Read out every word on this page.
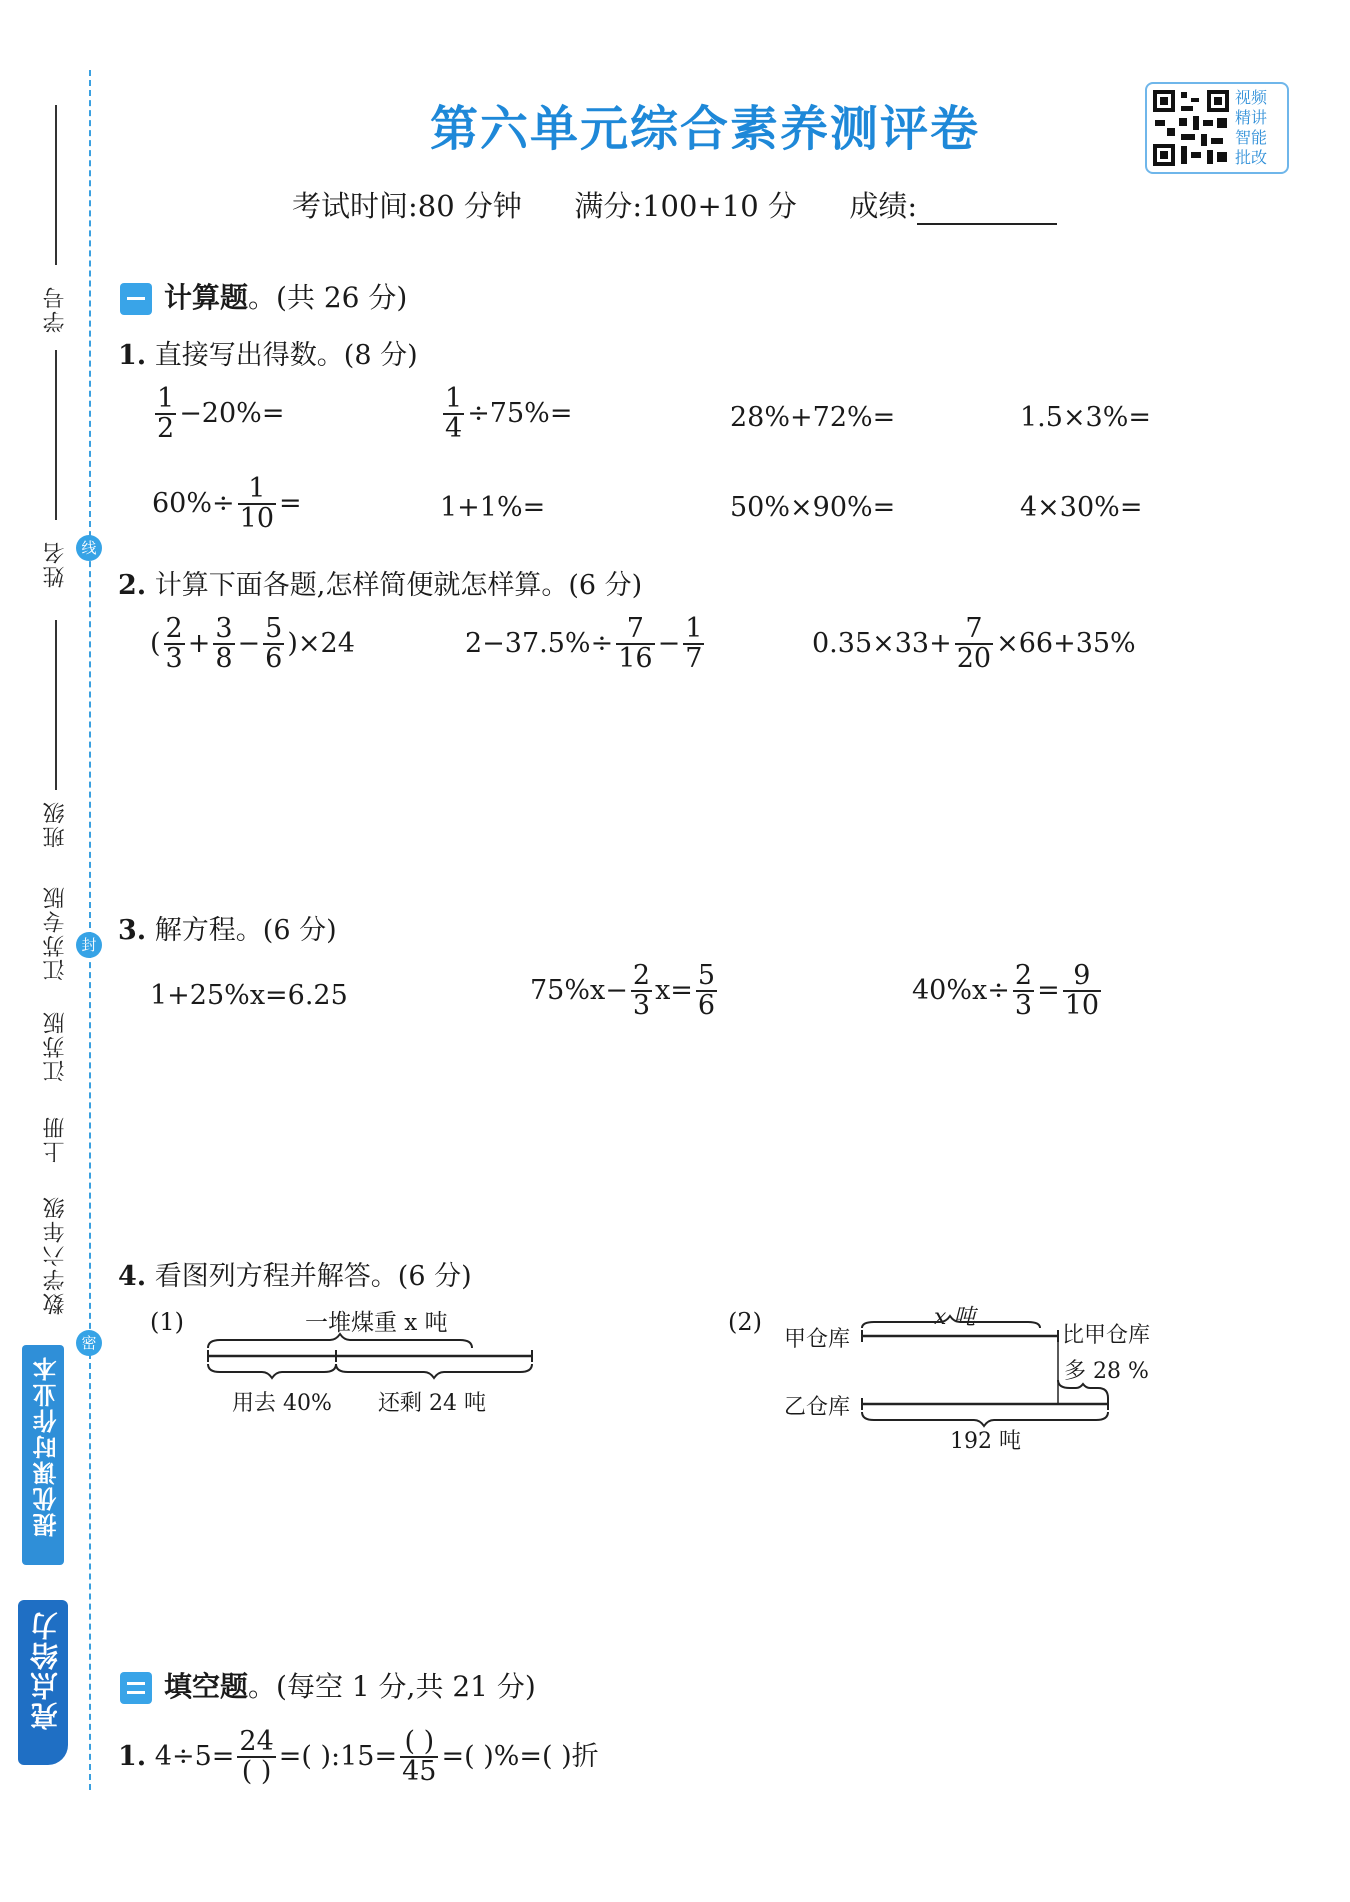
线
封
密
学号
姓名
班级
江苏专版
江苏版
上册
数学六年级
提优课时作业本
亮点给力
第六单元综合素养测评卷
视频
精讲
智能
批改
考试时间:80 分钟 满分:100+10 分 成绩:
计算题。(共 26 分)
1. 直接写出得数。(8 分)
$\frac{1}{2} -20\%=$	$\frac{1}{4} \div 75\%=$	28%+72%=	1.5×3%=
$60\%\div \frac{1}{10}$ =	1+1%=	50%×90%=	4×30%=
2. 计算下面各题,怎样简便就怎样算。(6 分)
( $\frac{2}{3} + \frac{3}{8} - \frac{5}{6} )\times 24$	$2-37.5\%\div \frac{7}{16} - \frac{1}{7}$	$0.35\times 33+ \frac{7}{20} \times 66+35\%$
3. 解方程。(6 分)
1+25%x=6.25	$75\%x- \frac{2}{3} x= \frac{5}{6}$	$40\%x\div \frac{2}{3} = \frac{9}{10}$
4. 看图列方程并解答。(6 分)
(1)	一堆煤重 x 吨
用去 40% 还剩 24 吨
(2)
甲仓库
x 吨
比甲仓库
多 28 %
乙仓库
192 吨
填空题。(每空 1 分,共 21 分)
1. $4\div 5= \frac{24}{( )}$ =( ):15= $\frac{( )}{45}$ =( )%=( )折
